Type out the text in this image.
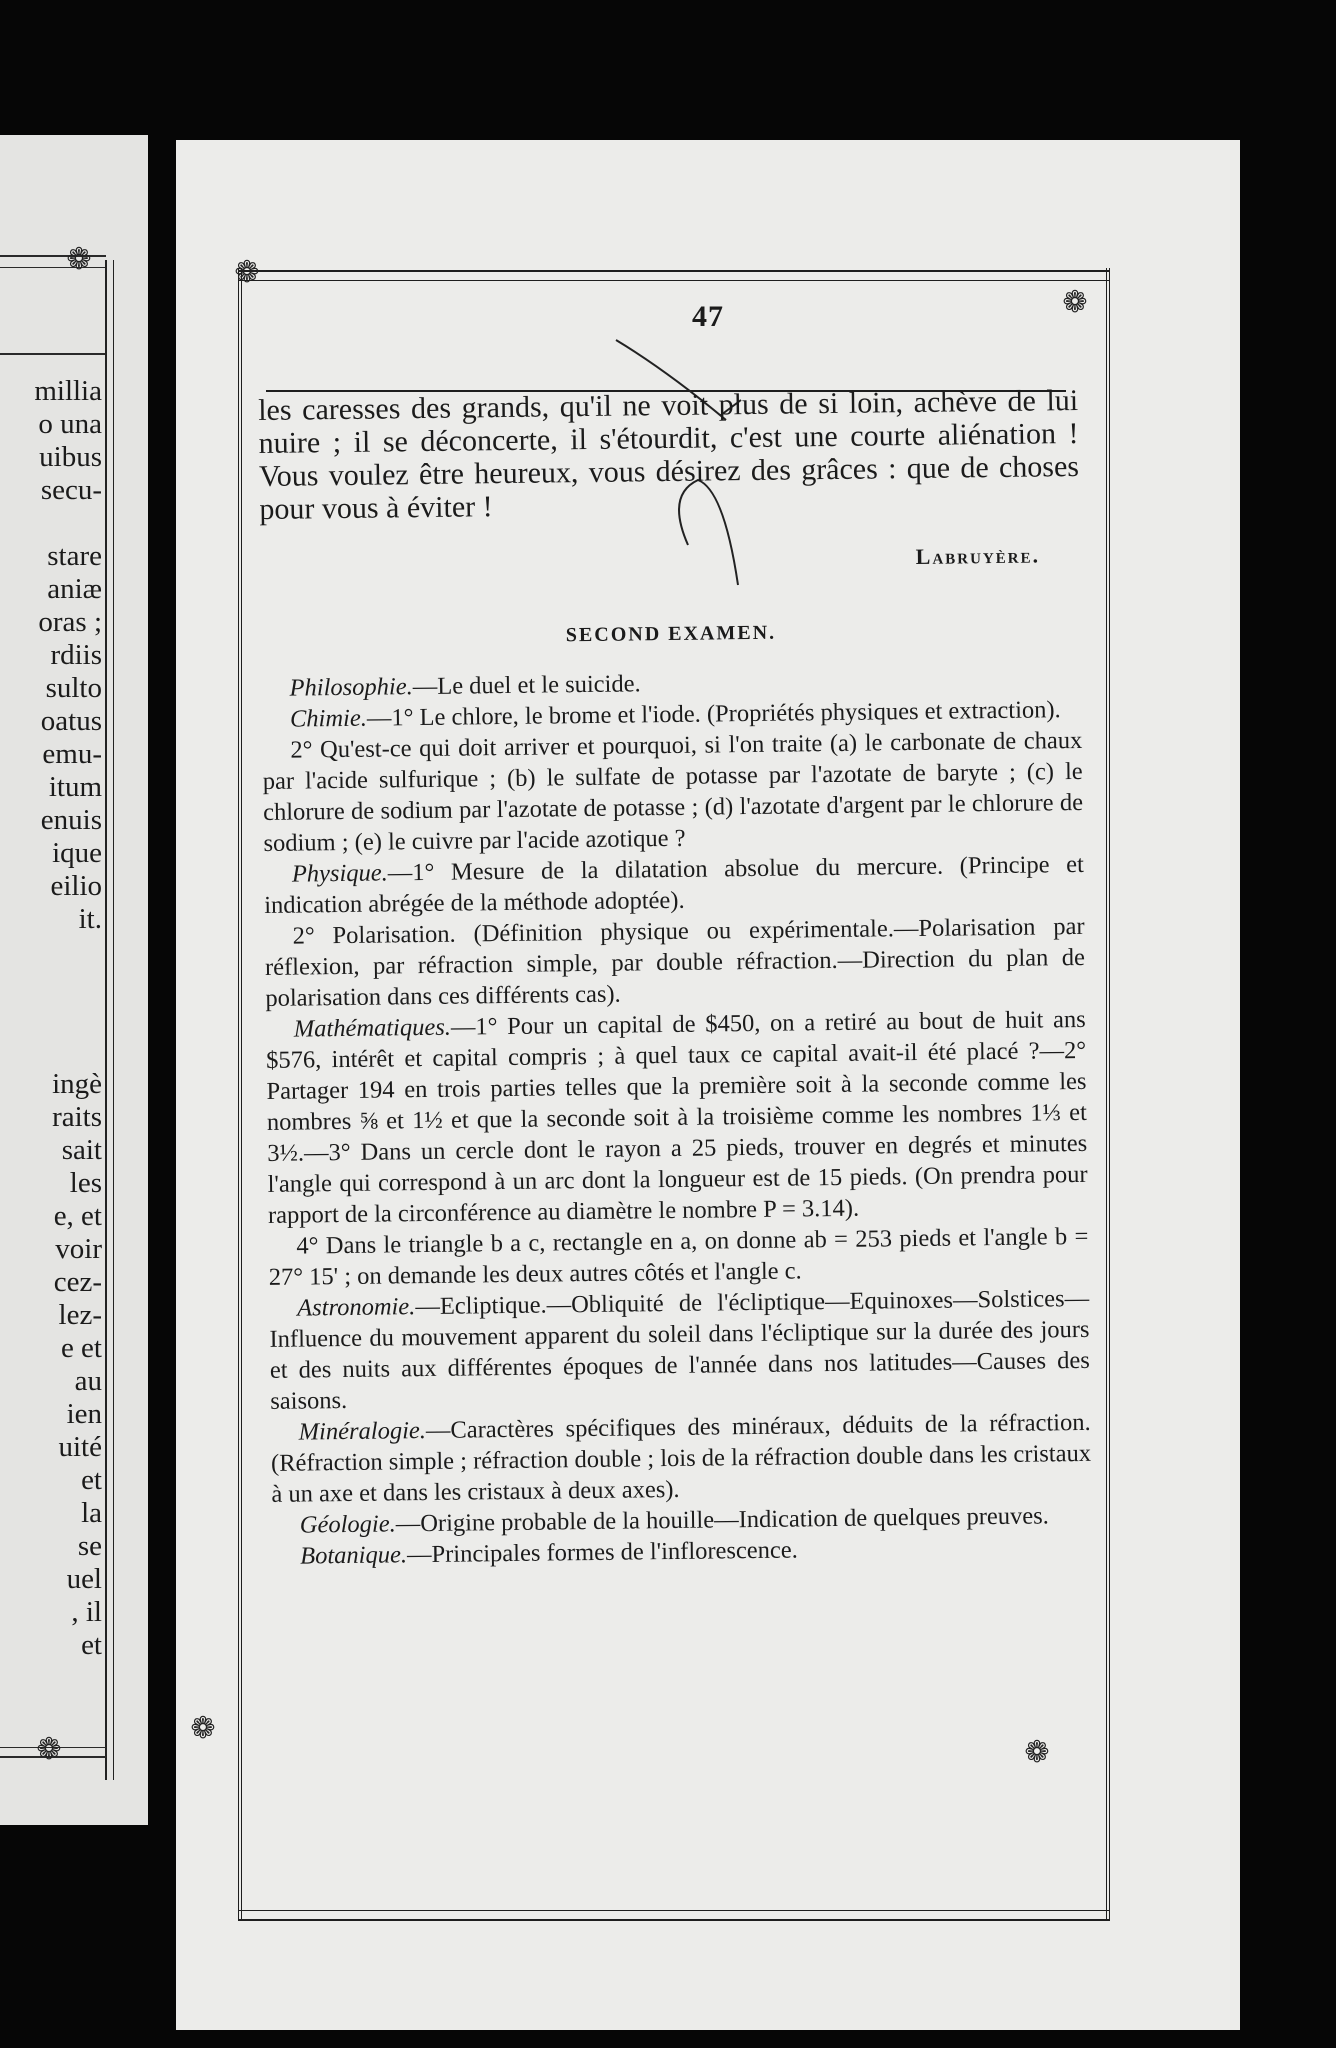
❁
millia
o una
uibus
secu-

stare
aniæ
oras ;
rdiis
sulto
oatus
emu-
itum
enuis
ique
eilio
it.

ingè
raits
sait
les
e, et
voir
cez-
lez-
e et
au
ien
uité
et
la
se
uel
, il
et
❁
❁
❁
❁
❁
47

les caresses des grands, qu'il ne voit plus de si loin, achève de lui nuire ; il se déconcerte, il s'étourdit, c'est une courte aliénation ! Vous voulez être heureux, vous désirez des grâces : que de choses pour vous à éviter !

Labruyère.
SECOND EXAMEN.

Philosophie.—Le duel et le suicide.

Chimie.—1° Le chlore, le brome et l'iode. (Propriétés physiques et extraction).

2° Qu'est-ce qui doit arriver et pourquoi, si l'on traite (a) le carbonate de chaux par l'acide sulfurique ; (b) le sulfate de potasse par l'azotate de baryte ; (c) le chlorure de sodium par l'azotate de potasse ; (d) l'azotate d'argent par le chlorure de sodium ; (e) le cuivre par l'acide azotique ?

Physique.—1° Mesure de la dilatation absolue du mercure. (Principe et indication abrégée de la méthode adoptée).

2° Polarisation. (Définition physique ou expérimentale.—Polarisation par réflexion, par réfraction simple, par double réfraction.—Direction du plan de polarisation dans ces différents cas).

Mathématiques.—1° Pour un capital de $450, on a retiré au bout de huit ans $576, intérêt et capital compris ; à quel taux ce capital avait-il été placé ?—2° Partager 194 en trois parties telles que la première soit à la seconde comme les nombres ⅝ et 1½ et que la seconde soit à la troisième comme les nombres 1⅓ et 3½.—3° Dans un cercle dont le rayon a 25 pieds, trouver en degrés et minutes l'angle qui correspond à un arc dont la longueur est de 15 pieds. (On prendra pour rapport de la circonférence au diamètre le nombre P = 3.14).

4° Dans le triangle b a c, rectangle en a, on donne ab = 253 pieds et l'angle b = 27° 15' ; on demande les deux autres côtés et l'angle c.

Astronomie.—Ecliptique.—Obliquité de l'écliptique—Equinoxes—Solstices—Influence du mouvement apparent du soleil dans l'écliptique sur la durée des jours et des nuits aux différentes époques de l'année dans nos latitudes—Causes des saisons.

Minéralogie.—Caractères spécifiques des minéraux, déduits de la réfraction. (Réfraction simple ; réfraction double ; lois de la réfraction double dans les cristaux à un axe et dans les cristaux à deux axes).

Géologie.—Origine probable de la houille—Indication de quelques preuves.

Botanique.—Principales formes de l'inflorescence.
